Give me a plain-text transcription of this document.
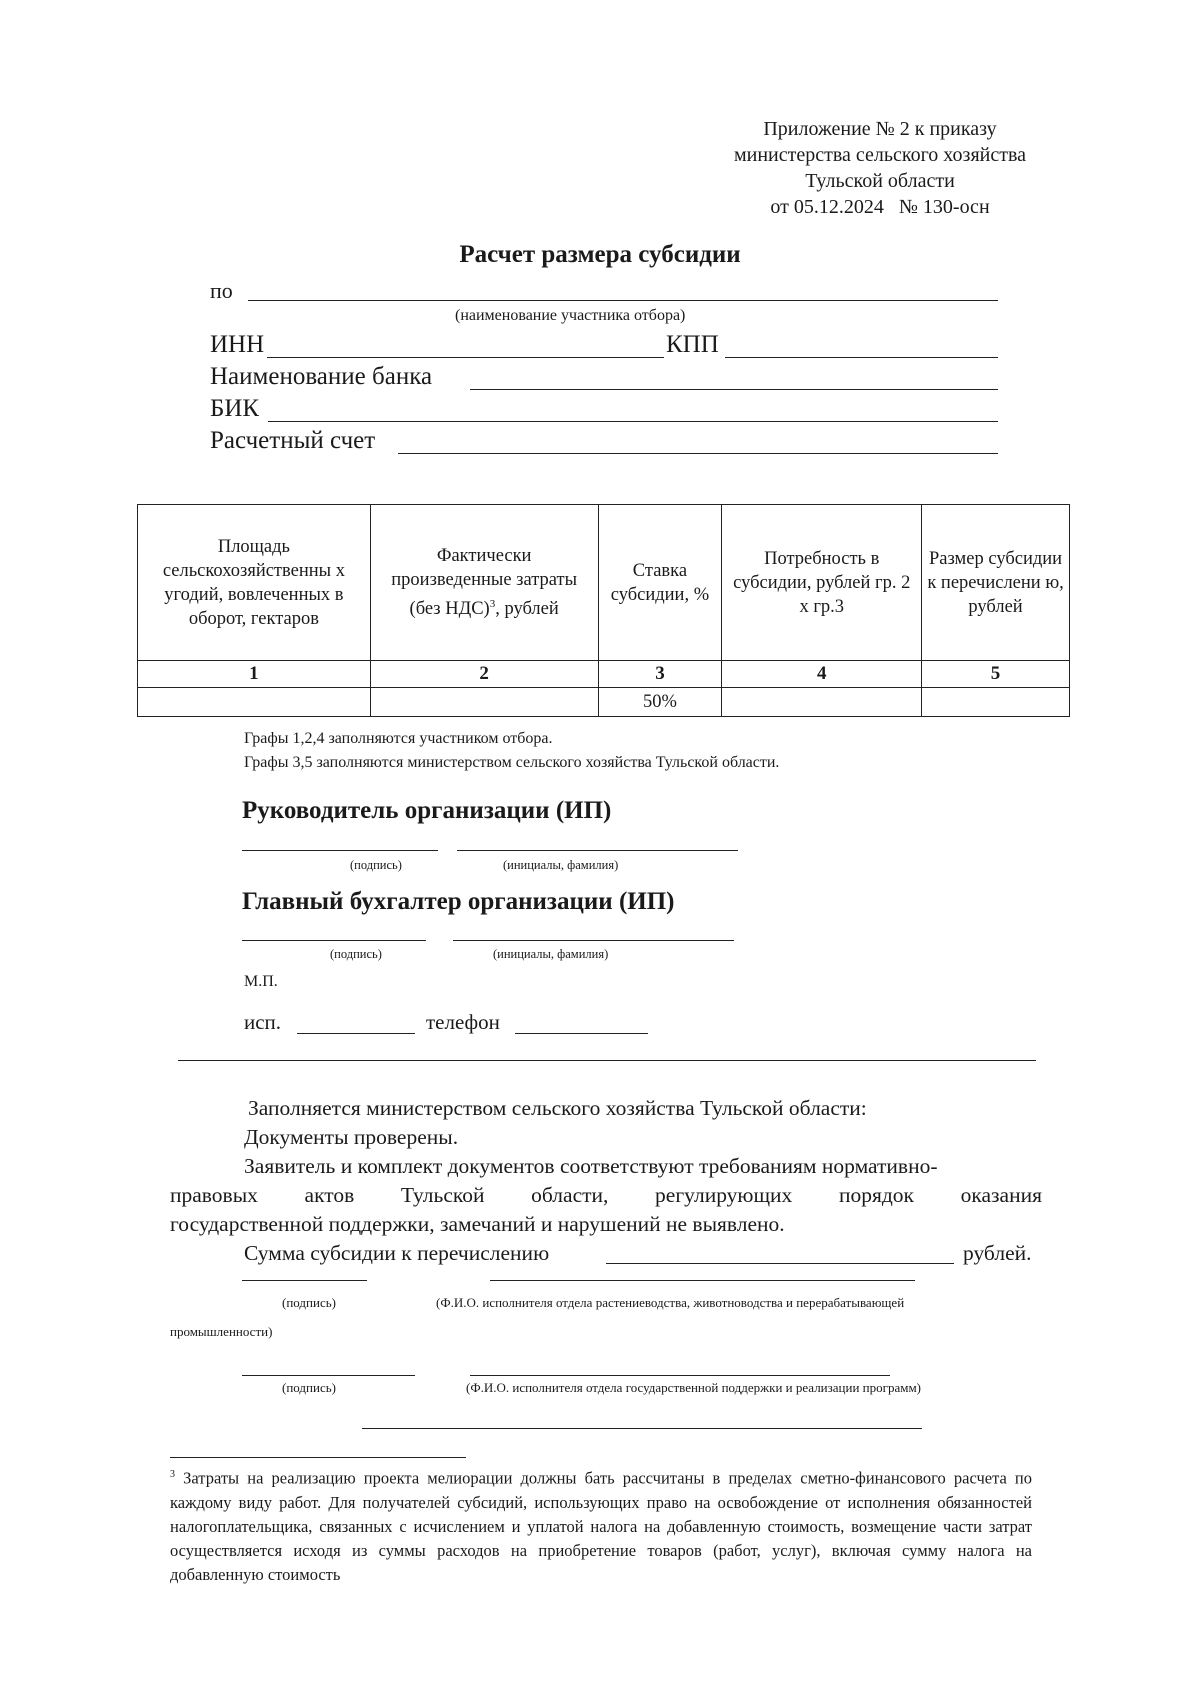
Приложение № 2 к приказу
министерства сельского хозяйства
Тульской области
от 05.12.2024   № 130-осн
Расчет размера субсидии
по
(наименование участника отбора)
ИНН	КПП
Наименование банка
БИК
Расчетный счет
Площадь сельскохозяйственны х угодий, вовлеченных в оборот, гектаров	Фактически произведенные затраты (без НДС)$^3$, рублей	Ставка субсидии, %	Потребность в субсидии, рублей гр. 2 х гр.3	Размер субсидии к перечислени ю, рублей
1	2	3	4	5
		50%		
Графы 1,2,4 заполняются участником отбора.
Графы 3,5 заполняются министерством сельского хозяйства Тульской области.
Руководитель организации (ИП)
(подпись)	(инициалы, фамилия)
Главный бухгалтер организации (ИП)
(подпись)	(инициалы, фамилия)
М.П.
исп.	телефон
Заполняется министерством сельского хозяйства Тульской области:
Документы проверены.
Заявитель и комплект документов соответствуют требованиям нормативно-
правовых актов Тульской области, регулирующих порядок оказания
государственной поддержки, замечаний и нарушений не выявлено.
Сумма субсидии к перечислению	рублей.
(подпись)	(Ф.И.О. исполнителя отдела растениеводства, животноводства и перерабатывающей
промышленности)
(подпись)	(Ф.И.О. исполнителя отдела государственной поддержки и реализации программ)
$^3$ Затраты на реализацию проекта мелиорации должны бать рассчитаны в пределах сметно-финансового расчета по каждому виду работ. Для получателей субсидий, использующих право на освобождение от исполнения обязанностей налогоплательщика, связанных с исчислением и уплатой налога на добавленную стоимость, возмещение части затрат осуществляется исходя из суммы расходов на приобретение товаров (работ, услуг), включая сумму налога на добавленную стоимость
